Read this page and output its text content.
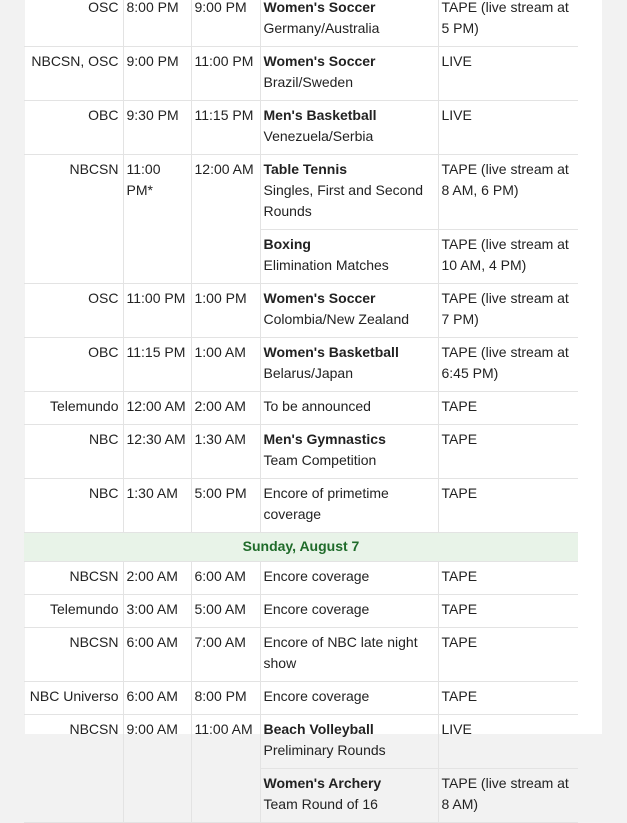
OSC	8:00 PM	9:00 PM	Women's Soccer
Germany/Australia	TAPE (live stream at 5 PM)
NBCSN, OSC	9:00 PM	11:00 PM	Women's Soccer
Brazil/Sweden	LIVE
OBC	9:30 PM	11:15 PM	Men's Basketball
Venezuela/Serbia	LIVE
NBCSN	11:00 PM*	12:00 AM	Table Tennis
Singles, First and Second Rounds	TAPE (live stream at 8 AM, 6 PM)

			Boxing
Elimination Matches	TAPE (live stream at 10 AM, 4 PM)
OSC	11:00 PM	1:00 PM	Women's Soccer
Colombia/New Zealand	TAPE (live stream at 7 PM)
OBC	11:15 PM	1:00 AM	Women's Basketball
Belarus/Japan	TAPE (live stream at 6:45 PM)
Telemundo	12:00 AM	2:00 AM	To be announced	TAPE
NBC	12:30 AM	1:30 AM	Men's Gymnastics
Team Competition	TAPE
NBC	1:30 AM	5:00 PM	Encore of primetime coverage	TAPE
Sunday, August 7				
NBCSN	2:00 AM	6:00 AM	Encore coverage	TAPE
Telemundo	3:00 AM	5:00 AM	Encore coverage	TAPE
NBCSN	6:00 AM	7:00 AM	Encore of NBC late night show	TAPE
NBC Universo	6:00 AM	8:00 PM	Encore coverage	TAPE
NBCSN	9:00 AM	11:00 AM	Beach Volleyball
Preliminary Rounds	LIVE

			Women's Archery
Team Round of 16	TAPE (live stream at 8 AM)
